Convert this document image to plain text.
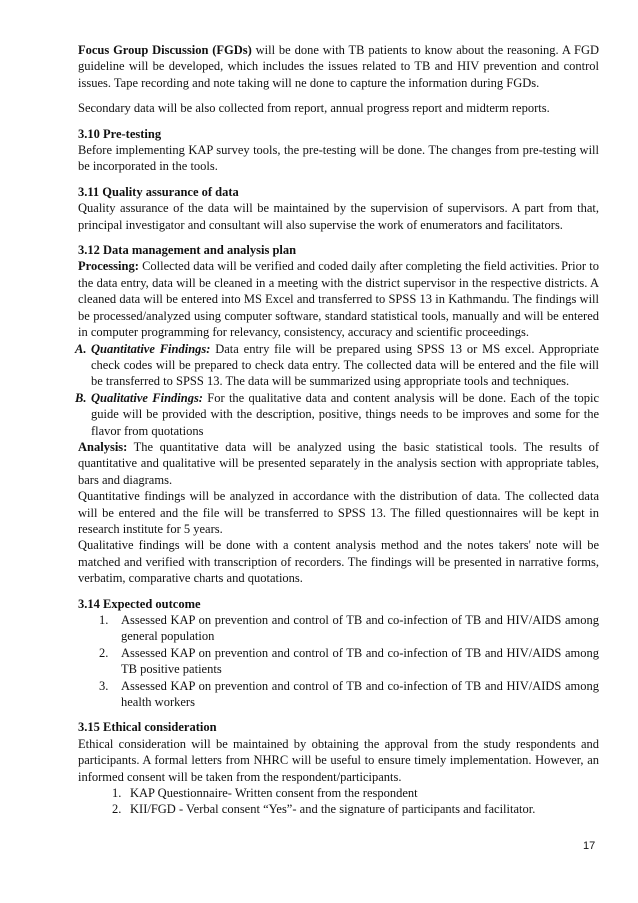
Focus Group Discussion (FGDs) will be done with TB patients to know about the reasoning. A FGD guideline will be developed, which includes the issues related to TB and HIV prevention and control issues. Tape recording and note taking will ne done to capture the information during FGDs.

Secondary data will be also collected from report, annual progress report and midterm reports.

3.10 Pre-testing

Before implementing KAP survey tools, the pre-testing will be done. The changes from pre-testing will be incorporated in the tools.

3.11 Quality assurance of data

Quality assurance of the data will be maintained by the supervision of supervisors. A part from that, principal investigator and consultant will also supervise the work of enumerators and facilitators.

3.12 Data management and analysis plan

Processing: Collected data will be verified and coded daily after completing the field activities. Prior to the data entry, data will be cleaned in a meeting with the district supervisor in the respective districts. A cleaned data will be entered into MS Excel and transferred to SPSS 13 in Kathmandu. The findings will be processed/analyzed using computer software, standard statistical tools, manually and will be entered in computer programming for relevancy, consistency, accuracy and scientific proceedings.

A. Quantitative Findings: Data entry file will be prepared using SPSS 13 or MS excel. Appropriate check codes will be prepared to check data entry. The collected data will be entered and the file will be transferred to SPSS 13. The data will be summarized using appropriate tools and techniques.

B. Qualitative Findings: For the qualitative data and content analysis will be done. Each of the topic guide will be provided with the description, positive, things needs to be improves and some for the flavor from quotations

Analysis: The quantitative data will be analyzed using the basic statistical tools. The results of quantitative and qualitative will be presented separately in the analysis section with appropriate tables, bars and diagrams.

Quantitative findings will be analyzed in accordance with the distribution of data. The collected data will be entered and the file will be transferred to SPSS 13. The filled questionnaires will be kept in research institute for 5 years.

Qualitative findings will be done with a content analysis method and the notes takers' note will be matched and verified with transcription of recorders. The findings will be presented in narrative forms, verbatim, comparative charts and quotations.

3.14 Expected outcome

1. Assessed KAP on prevention and control of TB and co-infection of TB and HIV/AIDS among general population

2. Assessed KAP on prevention and control of TB and co-infection of TB and HIV/AIDS among TB positive patients

3. Assessed KAP on prevention and control of TB and co-infection of TB and HIV/AIDS among health workers

3.15 Ethical consideration

Ethical consideration will be maintained by obtaining the approval from the study respondents and participants. A formal letters from NHRC will be useful to ensure timely implementation. However, an informed consent will be taken from the respondent/participants.

1. KAP Questionnaire- Written consent from the respondent

2. KII/FGD - Verbal consent “Yes”- and the signature of participants and facilitator.

17
